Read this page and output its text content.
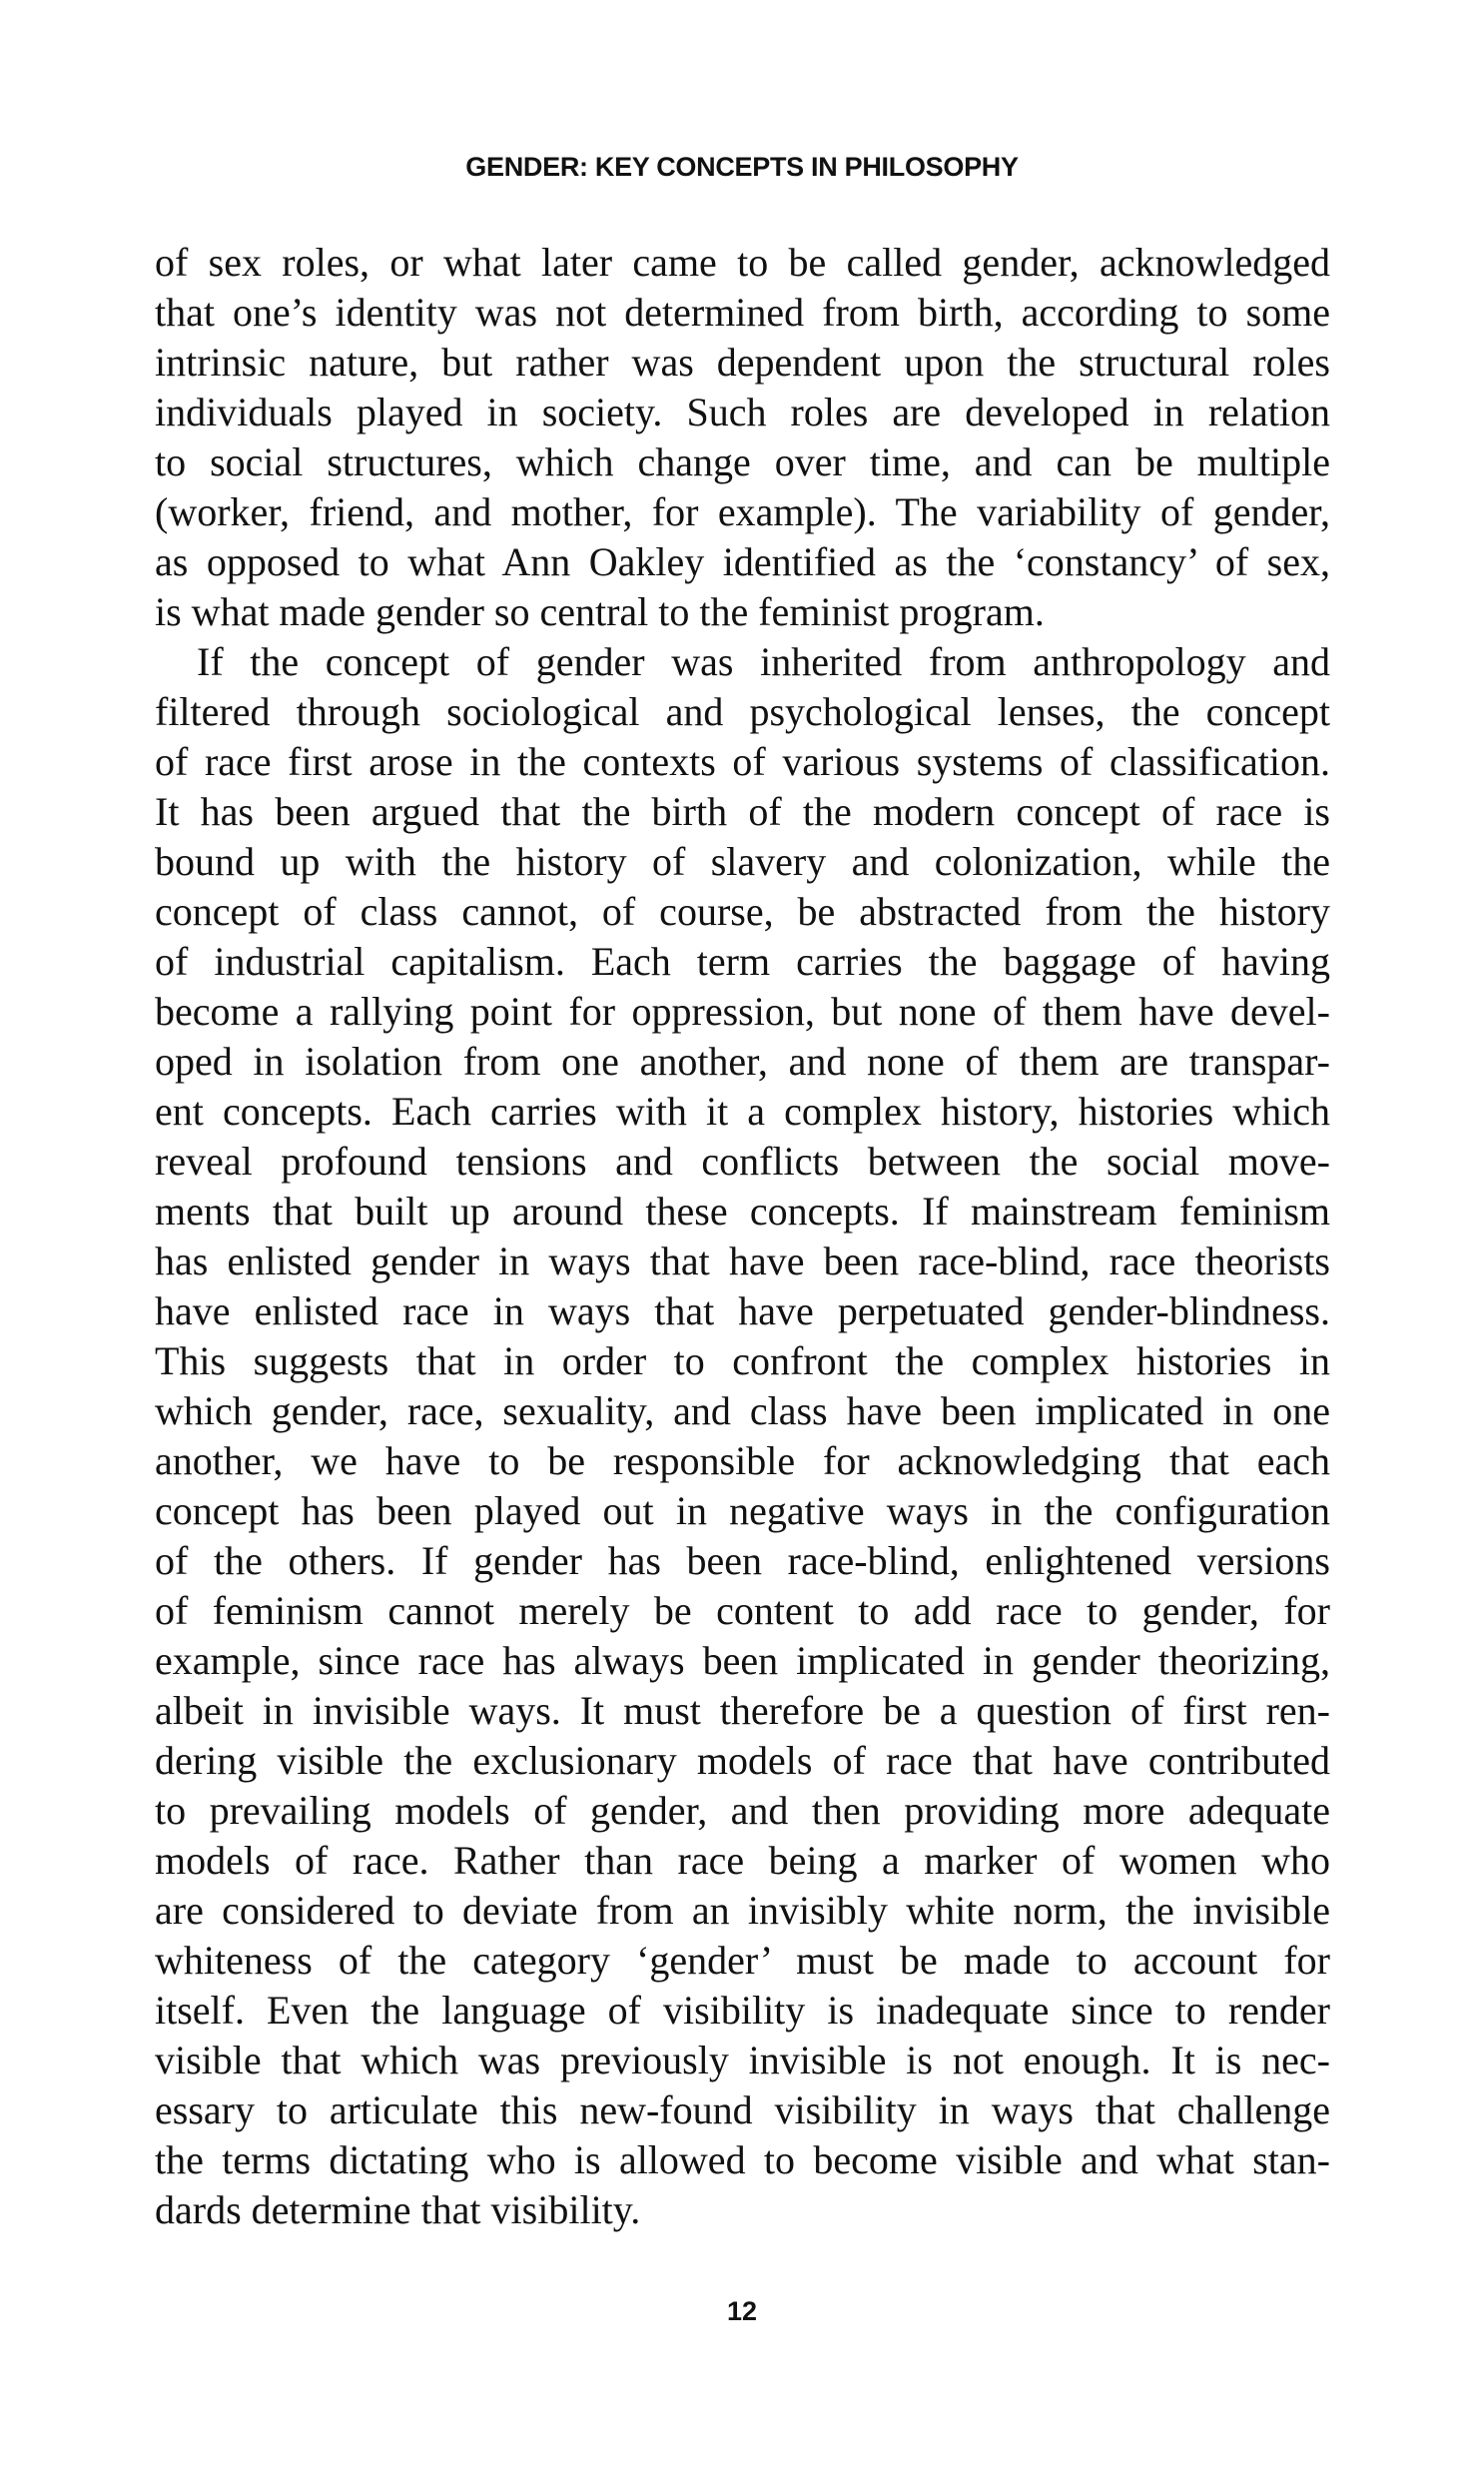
GENDER: KEY CONCEPTS IN PHILOSOPHY
of sex roles, or what later came to be called gender, acknowledged
that one’s identity was not determined from birth, according to some
intrinsic nature, but rather was dependent upon the structural roles
individuals played in society. Such roles are developed in relation
to social structures, which change over time, and can be multiple
(worker, friend, and mother, for example). The variability of gender,
as opposed to what Ann Oakley identified as the ‘constancy’ of sex,
is what made gender so central to the feminist program.
If the concept of gender was inherited from anthropology and
filtered through sociological and psychological lenses, the concept
of race first arose in the contexts of various systems of classification.
It has been argued that the birth of the modern concept of race is
bound up with the history of slavery and colonization, while the
concept of class cannot, of course, be abstracted from the history
of industrial capitalism. Each term carries the baggage of having
become a rallying point for oppression, but none of them have devel-
oped in isolation from one another, and none of them are transpar-
ent concepts. Each carries with it a complex history, histories which
reveal profound tensions and conflicts between the social move-
ments that built up around these concepts. If mainstream feminism
has enlisted gender in ways that have been race-blind, race theorists
have enlisted race in ways that have perpetuated gender-blindness.
This suggests that in order to confront the complex histories in
which gender, race, sexuality, and class have been implicated in one
another, we have to be responsible for acknowledging that each
concept has been played out in negative ways in the configuration
of the others. If gender has been race-blind, enlightened versions
of feminism cannot merely be content to add race to gender, for
example, since race has always been implicated in gender theorizing,
albeit in invisible ways. It must therefore be a question of first ren-
dering visible the exclusionary models of race that have contributed
to prevailing models of gender, and then providing more adequate
models of race. Rather than race being a marker of women who
are considered to deviate from an invisibly white norm, the invisible
whiteness of the category ‘gender’ must be made to account for
itself. Even the language of visibility is inadequate since to render
visible that which was previously invisible is not enough. It is nec-
essary to articulate this new-found visibility in ways that challenge
the terms dictating who is allowed to become visible and what stan-
dards determine that visibility.
12
